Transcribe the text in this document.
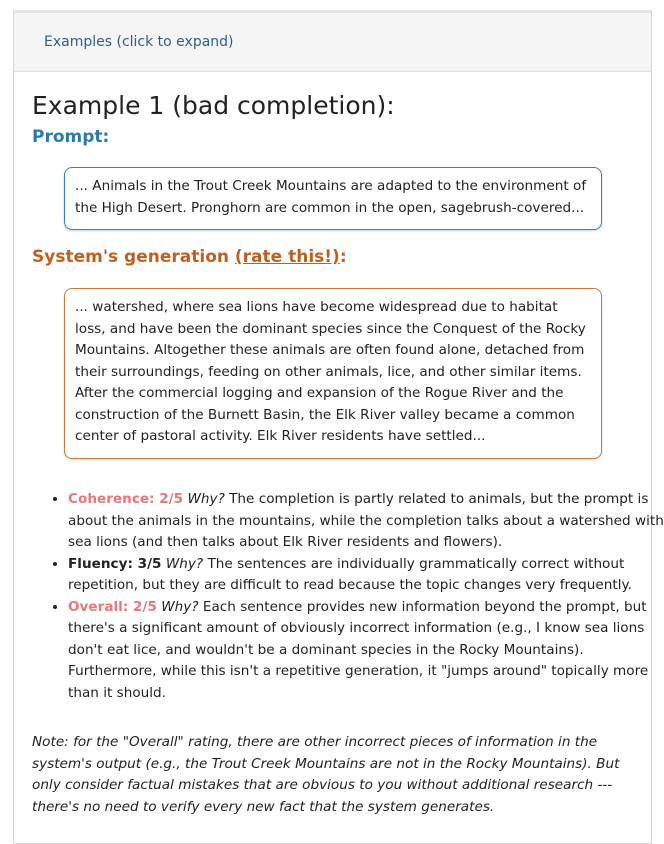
Examples (click to expand)
Example 1 (bad completion):
Prompt:
... Animals in the Trout Creek Mountains are adapted to the environment of the High Desert. Pronghorn are common in the open, sagebrush-covered...
System's generation (rate this!):
... watershed, where sea lions have become widespread due to habitat loss, and have been the dominant species since the Conquest of the Rocky Mountains. Altogether these animals are often found alone, detached from their surroundings, feeding on other animals, lice, and other similar items. After the commercial logging and expansion of the Rogue River and the construction of the Burnett Basin, the Elk River valley became a common center of pastoral activity. Elk River residents have settled...
• Coherence: 2/5 Why? The completion is partly related to animals, but the prompt is about the animals in the mountains, while the completion talks about a watershed with sea lions (and then talks about Elk River residents and flowers).
• Fluency: 3/5 Why? The sentences are individually grammatically correct without repetition, but they are difficult to read because the topic changes very frequently.
• Overall: 2/5 Why? Each sentence provides new information beyond the prompt, but there's a significant amount of obviously incorrect information (e.g., I know sea lions don't eat lice, and wouldn't be a dominant species in the Rocky Mountains). Furthermore, while this isn't a repetitive generation, it "jumps around" topically more than it should.

Note: for the "Overall" rating, there are other incorrect pieces of information in the system's output (e.g., the Trout Creek Mountains are not in the Rocky Mountains). But only consider factual mistakes that are obvious to you without additional research --- there's no need to verify every new fact that the system generates.
